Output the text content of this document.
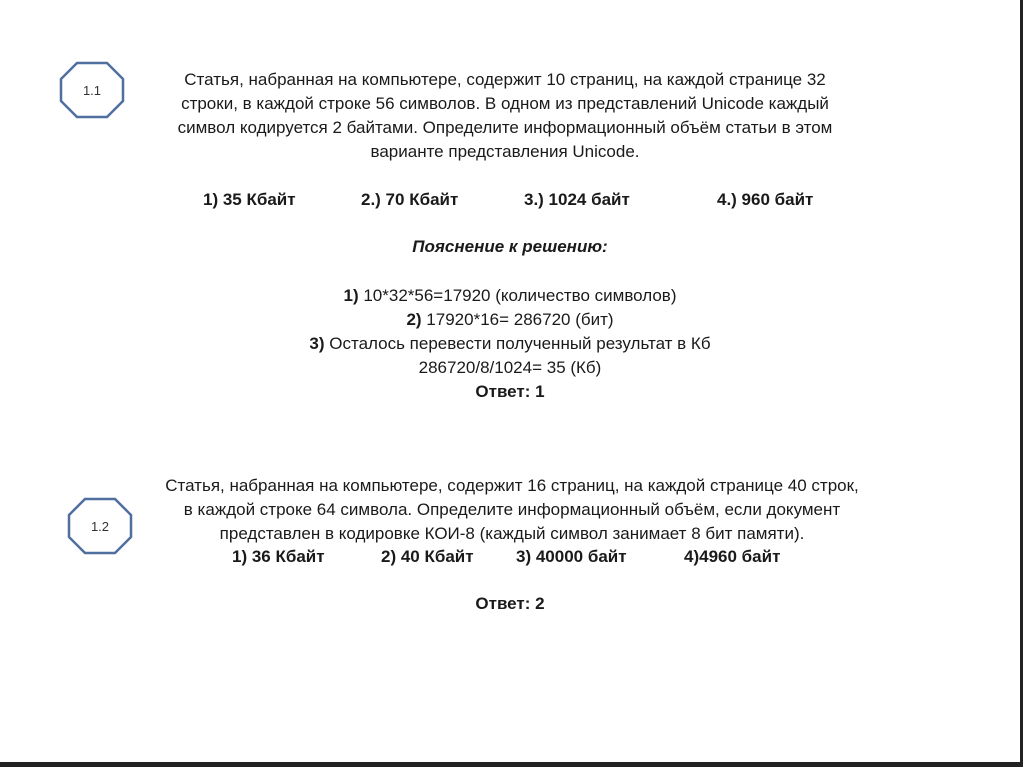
1.1

Статья, набранная на компьютере, содержит 10 страниц, на каждой странице 32

строки, в каждой строке 56 символов. В одном из представлений Unicode каждый

символ кодируется 2 байтами. Определите информационный объём статьи в этом

варианте представления Unicode.

1) 35 Кбайт	2.) 70 Кбайт	3.) 1024 байт	4.) 960 байт

Пояснение к решению:

1) 10*32*56=17920 (количество символов)

2) 17920*16= 286720 (бит)

3) Осталось перевести полученный результат в Кб

286720/8/1024= 35 (Кб)

Ответ: 1

1.2

Статья, набранная на компьютере, содержит 16 страниц, на каждой странице 40 строк,

в каждой строке 64 символа. Определите информационный объём, если документ

представлен в кодировке КОИ-8 (каждый символ занимает 8 бит памяти).

1) 36 Кбайт	2) 40 Кбайт 3) 40000 байт	4)4960 байт

Ответ: 2
